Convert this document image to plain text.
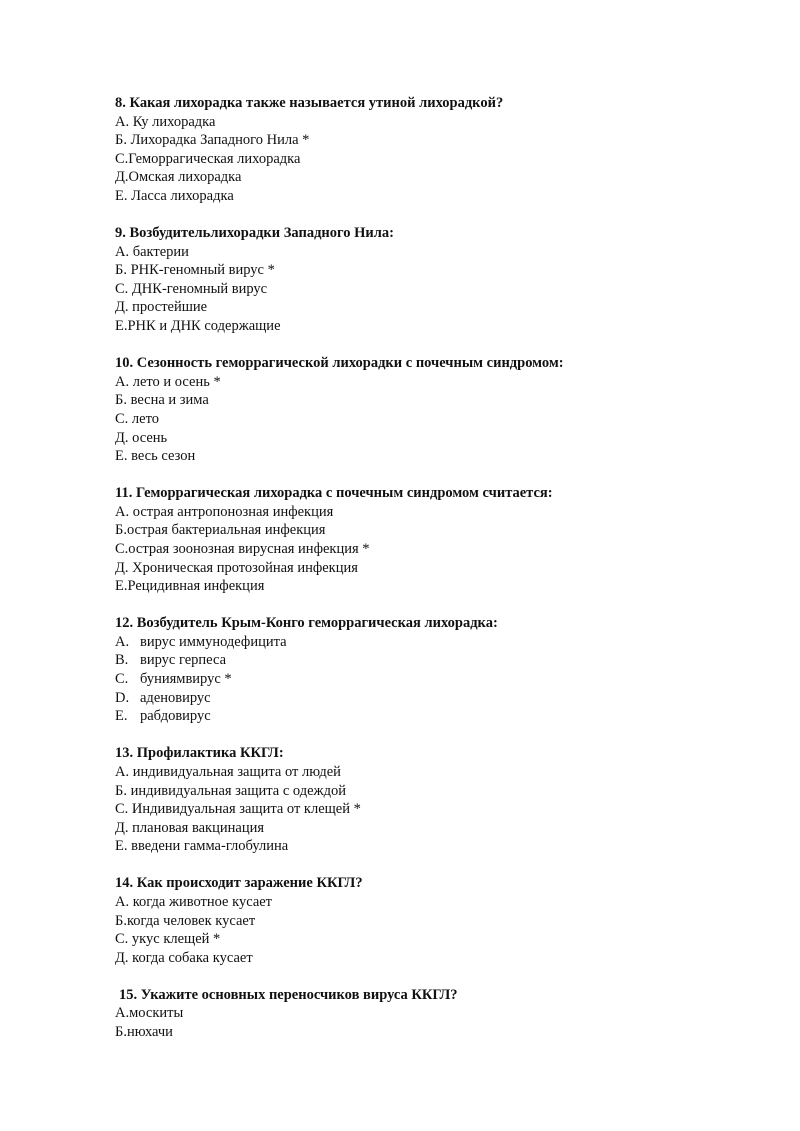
8. Какая лихорадка также называется утиной лихорадкой?
А. Ку лихорадка
Б. Лихорадка Западного Нила *
С.Геморрагическая лихорадка
Д.Омская лихорадка
Е. Ласса лихорадка
9. Возбудительлихорадки Западного Нила:
А. бактерии
Б. РНК-геномный вирус *
С. ДНК-геномный вирус
Д. простейшие
Е.РНК и ДНК содержащие
10. Сезонность геморрагической лихорадки с почечным синдромом:
А. лето и осень *
Б. весна и зима
С. лето
Д. осень
Е. весь сезон
11. Геморрагическая лихорадка с почечным синдромом считается:
А. острая антропонозная инфекция
Б.острая бактериальная инфекция
С.острая зоонозная вирусная инфекция *
Д. Хроническая протозойная инфекция
Е.Рецидивная инфекция
12. Возбудитель Крым-Конго геморрагическая лихорадка:
A. вирус иммунодефицита
B. вирус герпеса
C. буниямвирус *
D. аденовирус
E. рабдовирус
13. Профилактика ККГЛ:
А. индивидуальная защита от людей
Б. индивидуальная защита с одеждой
С. Индивидуальная защита от клещей *
Д. плановая вакцинация
Е. введени гамма-глобулина
14. Как происходит заражение ККГЛ?
А. когда животное кусает
Б.когда человек кусает
С. укус клещей *
Д. когда собака кусает
15. Укажите основных переносчиков вируса ККГЛ?
А.москиты
Б.нюхачи
